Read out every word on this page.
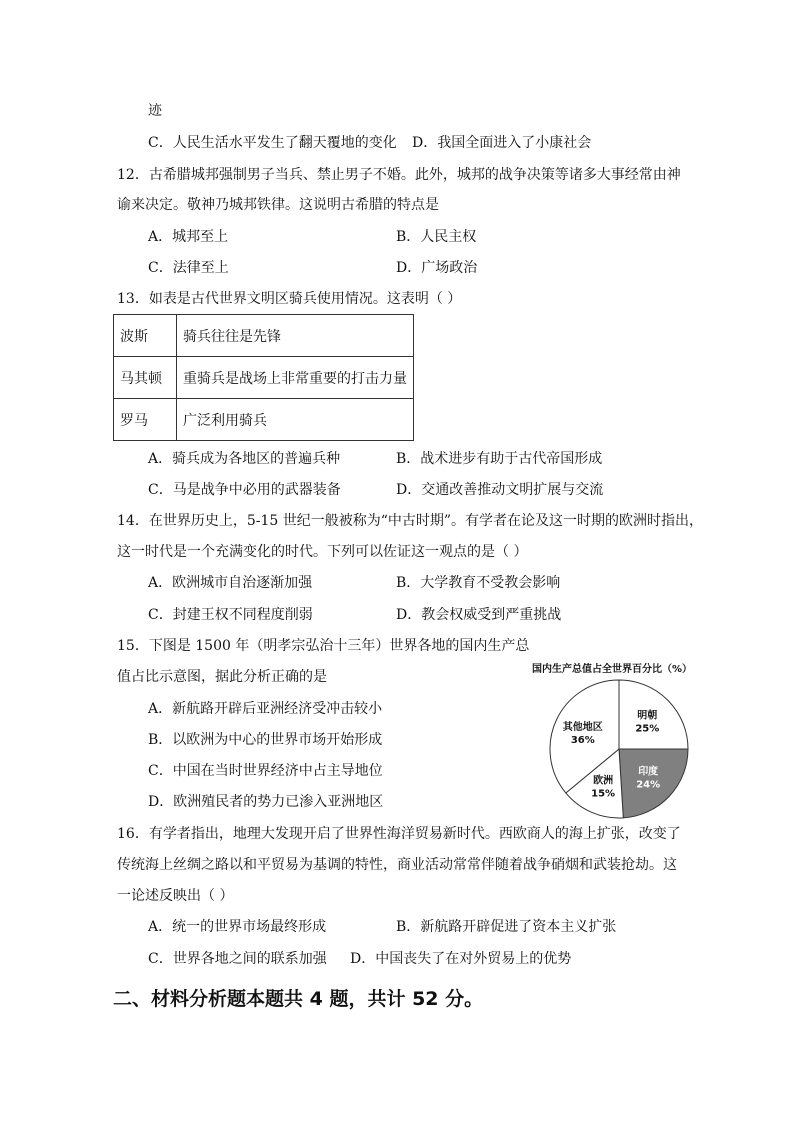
迹
C．人民生活水平发生了翻天覆地的变化 D．我国全面进入了小康社会
12．古希腊城邦强制男子当兵、禁止男子不婚。此外，城邦的战争决策等诸多大事经常由神
谕来决定。敬神乃城邦铁律。这说明古希腊的特点是
A．城邦至上	B．人民主权
C．法律至上	D．广场政治
13．如表是古代世界文明区骑兵使用情况。这表明（ ）
波斯	骑兵往往是先锋
马其顿	重骑兵是战场上非常重要的打击力量
罗马	广泛利用骑兵
A．骑兵成为各地区的普遍兵种	B．战术进步有助于古代帝国形成
C．马是战争中必用的武器装备	D．交通改善推动文明扩展与交流
14．在世界历史上，5-15 世纪一般被称为“中古时期”。有学者在论及这一时期的欧洲时指出，
这一时代是一个充满变化的时代。下列可以佐证这一观点的是（ ）
A．欧洲城市自治逐渐加强	B．大学教育不受教会影响
C．封建王权不同程度削弱	D．教会权威受到严重挑战
15．下图是 1500 年（明孝宗弘治十三年）世界各地的国内生产总
值占比示意图，据此分析正确的是
A．新航路开辟后亚洲经济受冲击较小
B．以欧洲为中心的世界市场开始形成
C．中国在当时世界经济中占主导地位
D．欧洲殖民者的势力已渗入亚洲地区
国内生产总值占全世界百分比（%）
明朝
25%
印度
24%
欧洲
15%
其他地区
36%
16．有学者指出，地理大发现开启了世界性海洋贸易新时代。西欧商人的海上扩张，改变了
传统海上丝绸之路以和平贸易为基调的特性，商业活动常常伴随着战争硝烟和武装抢劫。这
一论述反映出（ ）
A．统一的世界市场最终形成	B．新航路开辟促进了资本主义扩张
C．世界各地之间的联系加强 D．中国丧失了在对外贸易上的优势
二、材料分析题本题共 4 题，共计 52 分。
